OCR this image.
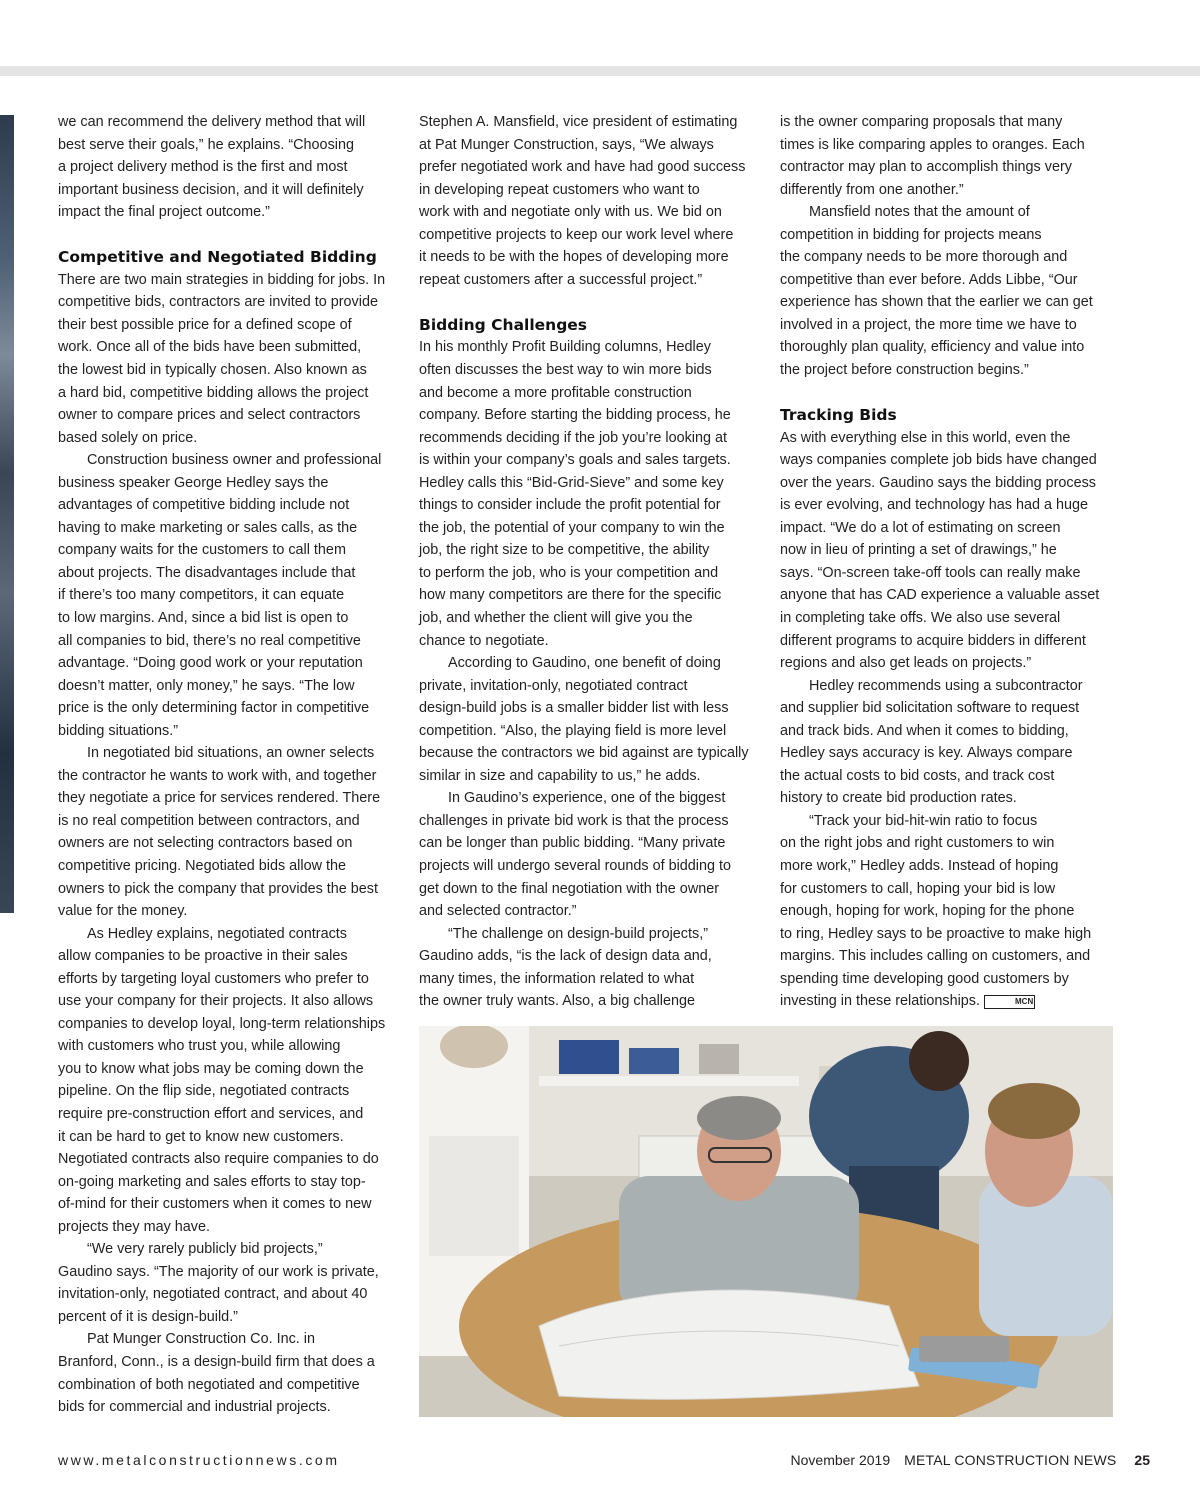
we can recommend the delivery method that will
best serve their goals,” he explains. “Choosing
a project delivery method is the first and most
important business decision, and it will definitely
impact the final project outcome.”

Competitive and Negotiated Bidding

There are two main strategies in bidding for jobs. In
competitive bids, contractors are invited to provide
their best possible price for a defined scope of
work. Once all of the bids have been submitted,
the lowest bid in typically chosen. Also known as
a hard bid, competitive bidding allows the project
owner to compare prices and select contractors
based solely on price.

Construction business owner and professional
business speaker George Hedley says the
advantages of competitive bidding include not
having to make marketing or sales calls, as the
company waits for the customers to call them
about projects. The disadvantages include that
if there’s too many competitors, it can equate
to low margins. And, since a bid list is open to
all companies to bid, there’s no real competitive
advantage. “Doing good work or your reputation
doesn’t matter, only money,” he says. “The low
price is the only determining factor in competitive
bidding situations.”

In negotiated bid situations, an owner selects
the contractor he wants to work with, and together
they negotiate a price for services rendered. There
is no real competition between contractors, and
owners are not selecting contractors based on
competitive pricing. Negotiated bids allow the
owners to pick the company that provides the best
value for the money.

As Hedley explains, negotiated contracts
allow companies to be proactive in their sales
efforts by targeting loyal customers who prefer to
use your company for their projects. It also allows
companies to develop loyal, long-term relationships
with customers who trust you, while allowing
you to know what jobs may be coming down the
pipeline. On the flip side, negotiated contracts
require pre-construction effort and services, and
it can be hard to get to know new customers.
Negotiated contracts also require companies to do
on-going marketing and sales efforts to stay top-
of-mind for their customers when it comes to new
projects they may have.

“We very rarely publicly bid projects,”
Gaudino says. “The majority of our work is private,
invitation-only, negotiated contract, and about 40
percent of it is design-build.”

Pat Munger Construction Co. Inc. in
Branford, Conn., is a design-build firm that does a
combination of both negotiated and competitive
bids for commercial and industrial projects.

Stephen A. Mansfield, vice president of estimating
at Pat Munger Construction, says, “We always
prefer negotiated work and have had good success
in developing repeat customers who want to
work with and negotiate only with us. We bid on
competitive projects to keep our work level where
it needs to be with the hopes of developing more
repeat customers after a successful project.”

Bidding Challenges

In his monthly Profit Building columns, Hedley
often discusses the best way to win more bids
and become a more profitable construction
company. Before starting the bidding process, he
recommends deciding if the job you’re looking at
is within your company’s goals and sales targets.
Hedley calls this “Bid-Grid-Sieve” and some key
things to consider include the profit potential for
the job, the potential of your company to win the
job, the right size to be competitive, the ability
to perform the job, who is your competition and
how many competitors are there for the specific
job, and whether the client will give you the
chance to negotiate.

According to Gaudino, one benefit of doing
private, invitation-only, negotiated contract
design-build jobs is a smaller bidder list with less
competition. “Also, the playing field is more level
because the contractors we bid against are typically
similar in size and capability to us,” he adds.

In Gaudino’s experience, one of the biggest
challenges in private bid work is that the process
can be longer than public bidding. “Many private
projects will undergo several rounds of bidding to
get down to the final negotiation with the owner
and selected contractor.”

“The challenge on design-build projects,”
Gaudino adds, “is the lack of design data and,
many times, the information related to what
the owner truly wants. Also, a big challenge

is the owner comparing proposals that many
times is like comparing apples to oranges. Each
contractor may plan to accomplish things very
differently from one another.”

Mansfield notes that the amount of
competition in bidding for projects means
the company needs to be more thorough and
competitive than ever before. Adds Libbe, “Our
experience has shown that the earlier we can get
involved in a project, the more time we have to
thoroughly plan quality, efficiency and value into
the project before construction begins.”

Tracking Bids

As with everything else in this world, even the
ways companies complete job bids have changed
over the years. Gaudino says the bidding process
is ever evolving, and technology has had a huge
impact. “We do a lot of estimating on screen
now in lieu of printing a set of drawings,” he
says. “On-screen take-off tools can really make
anyone that has CAD experience a valuable asset
in completing take offs. We also use several
different programs to acquire bidders in different
regions and also get leads on projects.”

Hedley recommends using a subcontractor
and supplier bid solicitation software to request
and track bids. And when it comes to bidding,
Hedley says accuracy is key. Always compare
the actual costs to bid costs, and track cost
history to create bid production rates.

“Track your bid-hit-win ratio to focus
on the right jobs and right customers to win
more work,” Hedley adds. Instead of hoping
for customers to call, hoping your bid is low
enough, hoping for work, hoping for the phone
to ring, Hedley says to be proactive to make high
margins. This includes calling on customers, and
spending time developing good customers by
investing in these relationships.	MCN

www.metalconstructionnews.com	November 2019 METAL CONSTRUCTION NEWS 25
